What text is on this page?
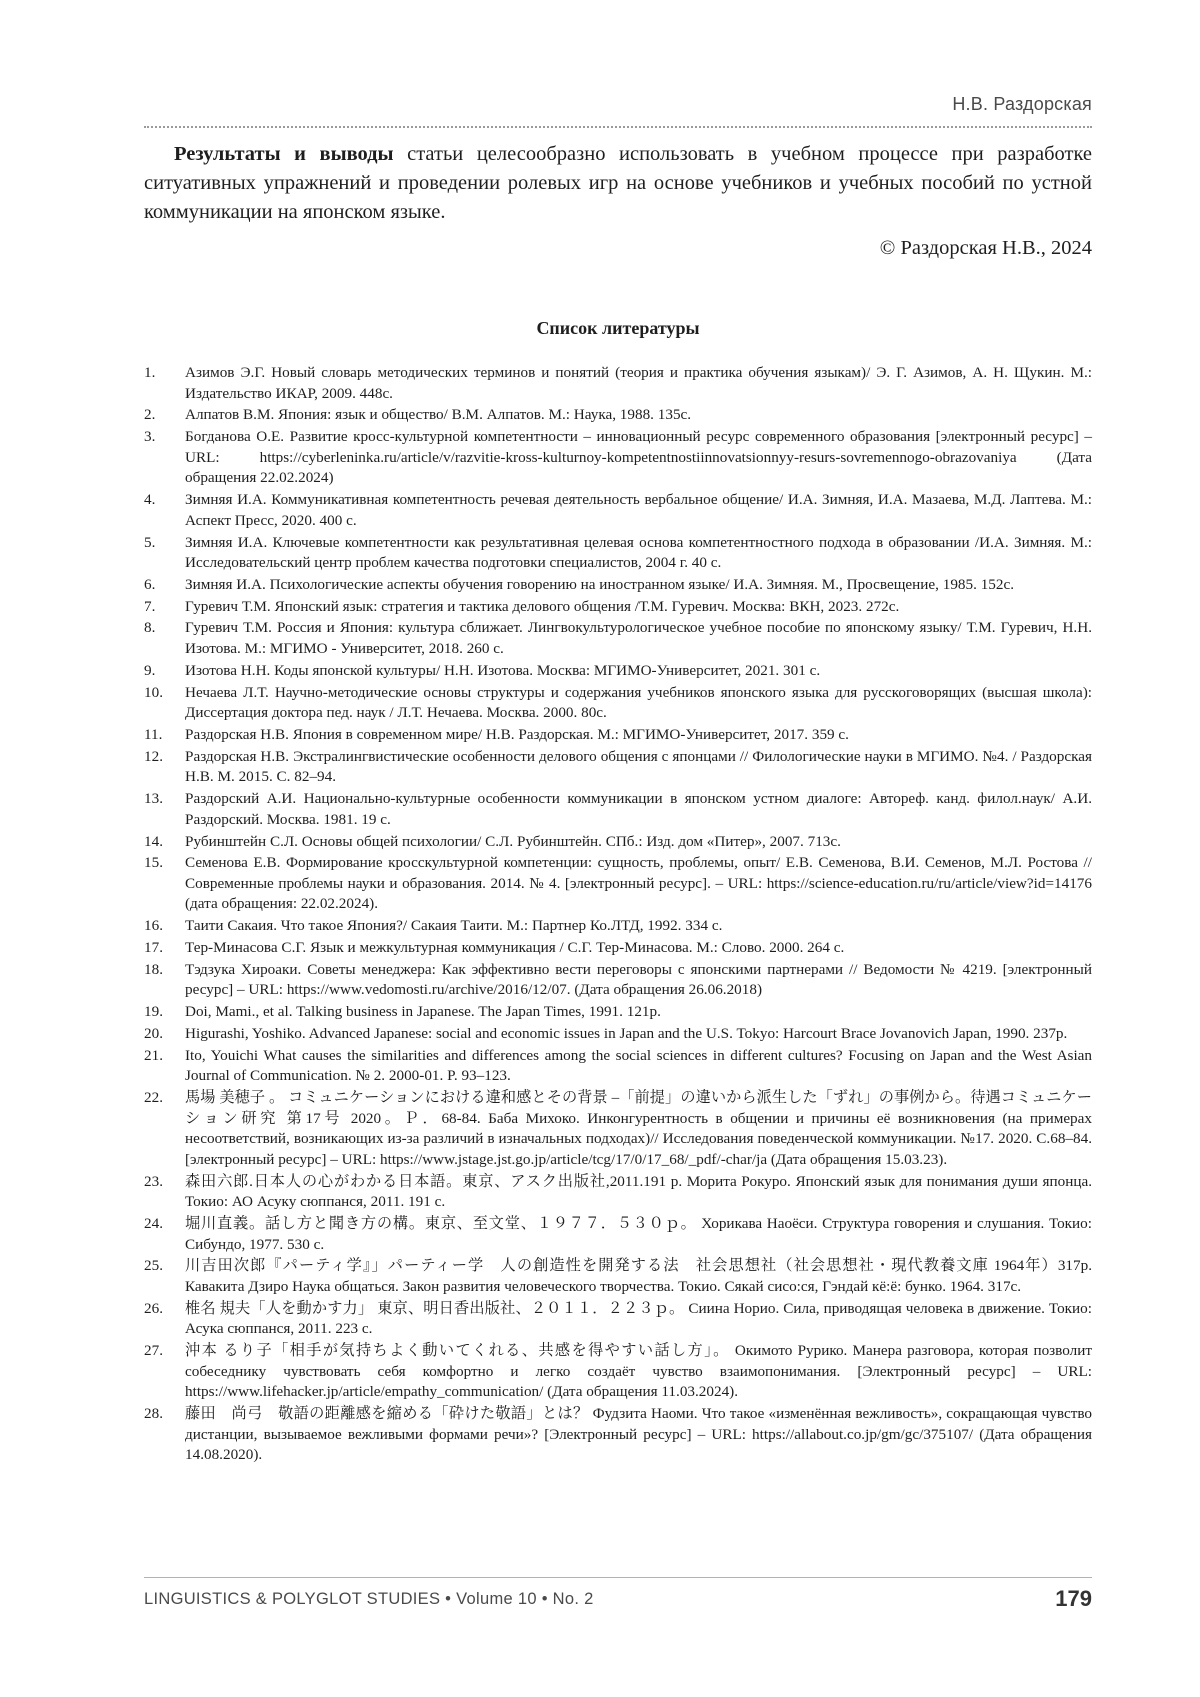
Н.В. Раздорская

Результаты и выводы статьи целесообразно использовать в учебном процессе при разработке ситуативных упражнений и проведении ролевых игр на основе учебников и учебных пособий по устной коммуникации на японском языке.

© Раздорская Н.В., 2024
Список литературы
1. Азимов Э.Г. Новый словарь методических терминов и понятий (теория и практика обучения языкам)/ Э. Г. Азимов, А. Н. Щукин. М.: Издательство ИКАР, 2009. 448с.
2. Алпатов В.М. Япония: язык и общество/ В.М. Алпатов. М.: Наука, 1988. 135с.
3. Богданова О.Е. Развитие кросс-культурной компетентности – инновационный ресурс современного образования [электронный ресурс] – URL: https://cyberleninka.ru/article/v/razvitie-kross-kulturnoy-kompetentnostiinnovatsionnyy-resurs-sovremennogo-obrazovaniya (Дата обращения 22.02.2024)
4. Зимняя И.А. Коммуникативная компетентность речевая деятельность вербальное общение/ И.А. Зимняя, И.А. Мазаева, М.Д. Лаптева. М.: Аспект Пресс, 2020. 400 с.
5. Зимняя И.А. Ключевые компетентности как результативная целевая основа компетентностного подхода в образовании /И.А. Зимняя. М.: Исследовательский центр проблем качества подготовки специалистов, 2004 г. 40 с.
6. Зимняя И.А. Психологические аспекты обучения говорению на иностранном языке/ И.А. Зимняя. М., Просвещение, 1985. 152с.
7. Гуревич Т.М. Японский язык: стратегия и тактика делового общения /Т.М. Гуревич. Москва: ВКН, 2023. 272с.
8. Гуревич Т.М. Россия и Япония: культура сближает. Лингвокультурологическое учебное пособие по японскому языку/ Т.М. Гуревич, Н.Н. Изотова. М.: МГИМО - Университет, 2018. 260 с.
9. Изотова Н.Н. Коды японской культуры/ Н.Н. Изотова. Москва: МГИМО-Университет, 2021. 301 с.
10. Нечаева Л.Т. Научно-методические основы структуры и содержания учебников японского языка для русскоговорящих (высшая школа): Диссертация доктора пед. наук / Л.Т. Нечаева. Москва. 2000. 80с.
11. Раздорская Н.В. Япония в современном мире/ Н.В. Раздорская. М.: МГИМО-Университет, 2017. 359 с.
12. Раздорская Н.В. Экстралингвистические особенности делового общения с японцами // Филологические науки в МГИМО. №4. / Раздорская Н.В. М. 2015. С. 82–94.
13. Раздорский А.И. Национально-культурные особенности коммуникации в японском устном диалоге: Автореф. канд. филол.наук/ А.И. Раздорский. Москва. 1981. 19 с.
14. Рубинштейн С.Л. Основы общей психологии/ С.Л. Рубинштейн. СПб.: Изд. дом «Питер», 2007. 713с.
15. Семенова Е.В. Формирование кросскультурной компетенции: сущность, проблемы, опыт/ Е.В. Семенова, В.И. Семенов, М.Л. Ростова // Современные проблемы науки и образования. 2014. № 4. [электронный ресурс]. – URL: https://science-education.ru/ru/article/view?id=14176 (дата обращения: 22.02.2024).
16. Таити Сакаия. Что такое Япония?/ Сакаия Таити. М.: Партнер Ко.ЛТД, 1992. 334 с.
17. Тер-Минасова С.Г. Язык и межкультурная коммуникация / С.Г. Тер-Минасова. М.: Слово. 2000. 264 с.
18. Тэдзука Хироаки. Советы менеджера: Как эффективно вести переговоры с японскими партнерами // Ведомости № 4219. [электронный ресурс] – URL: https://www.vedomosti.ru/archive/2016/12/07. (Дата обращения 26.06.2018)
19. Doi, Mami., et al. Talking business in Japanese. The Japan Times, 1991. 121p.
20. Higurashi, Yoshiko. Advanced Japanese: social and economic issues in Japan and the U.S. Tokyo: Harcourt Brace Jovanovich Japan, 1990. 237p.
21. Ito, Youichi What causes the similarities and differences among the social sciences in different cultures? Focusing on Japan and the West Asian Journal of Communication. № 2. 2000-01. P. 93–123.
22. 馬場 美穂子 。 コミュニケーションにおける違和感とその背景 –「前提」の違いから派生した「ずれ」の事例から。待遇コミュニケーション研究 第17号 2020。Ｐ．68-84. Баба Михоко. Инконгурентность в общении и причины её возникновения (на примерах несоответствий, возникающих из-за различий в изначальных подходах)// Исследования поведенческой коммуникации. №17. 2020. С.68–84. [электронный ресурс] – URL: https://www.jstage.jst.go.jp/article/tcg/17/0/17_68/_pdf/-char/ja (Дата обращения 15.03.23).
23. 森田六郎.日本人の心がわかる日本語。東京、アスク出版社,2011.191 p. Морита Рокуро. Японский язык для понимания души японца. Токио: АО Асуку сюппанся, 2011. 191 с.
24. 堀川直義。話し方と聞き方の構。東京、至文堂、１９７７．５３０ｐ。 Хорикава Наоёси. Структура говорения и слушания. Токио: Сибундо, 1977. 530 с.
25. 川吉田次郎『パーティ学』」パーティー学　人の創造性を開発する法　社会思想社（社会思想社・現代教養文庫 1964年）317p. Кавакита Дзиро Наука общаться. Закон развития человеческого творчества. Токио. Сякай сисо:ся, Гэндай кё:ё: бунко. 1964. 317с.
26. 椎名 規夫「人を動かす力」 東京、明日香出版社、２０１１．２２３ｐ。 Сиина Норио. Сила, приводящая человека в движение. Токио: Асука сюппанся, 2011. 223 с.
27. 沖本 るり子「相手が気持ちよく動いてくれる、共感を得やすい話し方」。 Окимото Рурико. Манера разговора, которая позволит собеседнику чувствовать себя комфортно и легко создаёт чувство взаимопонимания. [Электронный ресурс] – URL: https://www.lifehacker.jp/article/empathy_communication/ (Дата обращения 11.03.2024).
28. 藤田　尚弓　敬語の距離感を縮める「砕けた敬語」とは？ Фудзита Наоми. Что такое «изменённая вежливость», сокращающая чувство дистанции, вызываемое вежливыми формами речи»? [Электронный ресурс] – URL: https://allabout.co.jp/gm/gc/375107/ (Дата обращения 14.08.2020).
LINGUISTICS & POLYGLOT STUDIES • Volume 10 • No. 2	179
